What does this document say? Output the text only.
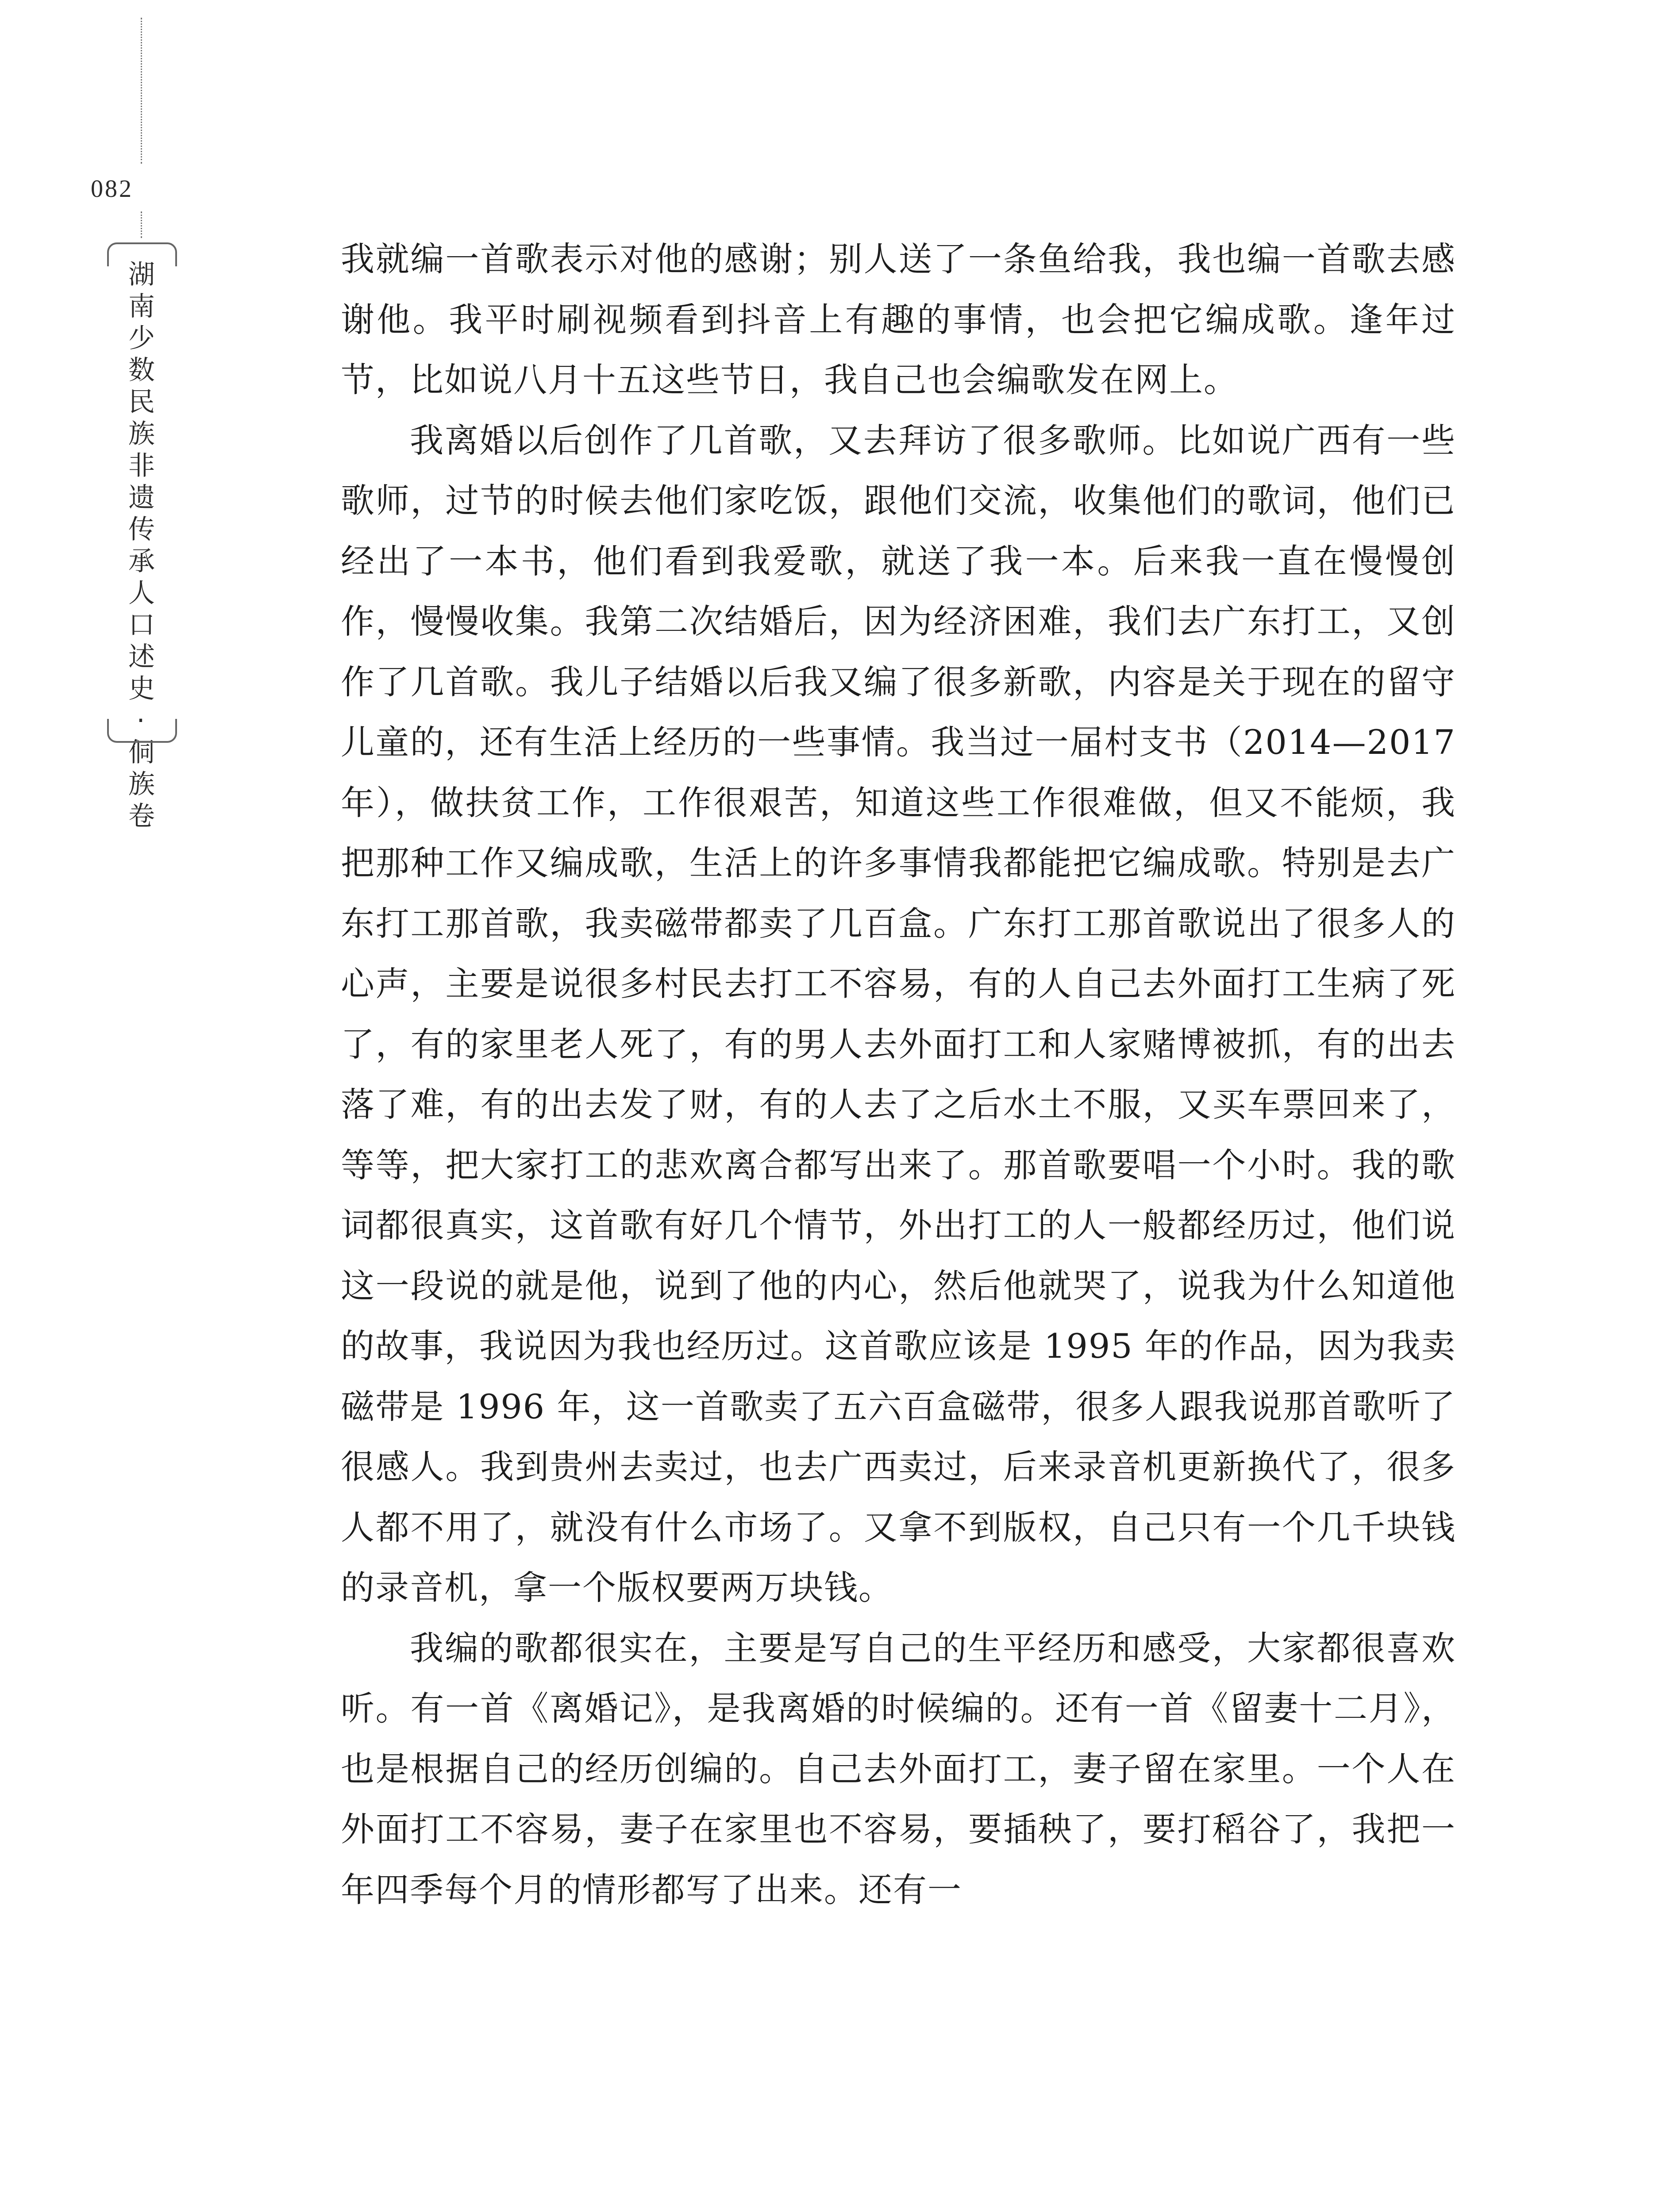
082
湖南少数民族非遗传承人口述史·侗族卷

我就编一首歌表示对他的感谢；别人送了一条鱼给我，我也编一首歌去感谢他。我平时刷视频看到抖音上有趣的事情，也会把它编成歌。逢年过节，比如说八月十五这些节日，我自己也会编歌发在网上。

我离婚以后创作了几首歌，又去拜访了很多歌师。比如说广西有一些歌师，过节的时候去他们家吃饭，跟他们交流，收集他们的歌词，他们已经出了一本书，他们看到我爱歌，就送了我一本。后来我一直在慢慢创作，慢慢收集。我第二次结婚后，因为经济困难，我们去广东打工，又创作了几首歌。我儿子结婚以后我又编了很多新歌，内容是关于现在的留守儿童的，还有生活上经历的一些事情。我当过一届村支书（2014—2017 年），做扶贫工作，工作很艰苦，知道这些工作很难做，但又不能烦，我把那种工作又编成歌，生活上的许多事情我都能把它编成歌。特别是去广东打工那首歌，我卖磁带都卖了几百盒。广东打工那首歌说出了很多人的心声，主要是说很多村民去打工不容易，有的人自己去外面打工生病了死了，有的家里老人死了，有的男人去外面打工和人家赌博被抓，有的出去落了难，有的出去发了财，有的人去了之后水土不服，又买车票回来了，等等，把大家打工的悲欢离合都写出来了。那首歌要唱一个小时。我的歌词都很真实，这首歌有好几个情节，外出打工的人一般都经历过，他们说这一段说的就是他，说到了他的内心，然后他就哭了，说我为什么知道他的故事，我说因为我也经历过。这首歌应该是 1995 年的作品，因为我卖磁带是 1996 年，这一首歌卖了五六百盒磁带，很多人跟我说那首歌听了很感人。我到贵州去卖过，也去广西卖过，后来录音机更新换代了，很多人都不用了，就没有什么市场了。又拿不到版权，自己只有一个几千块钱的录音机，拿一个版权要两万块钱。

我编的歌都很实在，主要是写自己的生平经历和感受，大家都很喜欢听。有一首《离婚记》，是我离婚的时候编的。还有一首《留妻十二月》，也是根据自己的经历创编的。自己去外面打工，妻子留在家里。一个人在外面打工不容易，妻子在家里也不容易，要插秧了，要打稻谷了，我把一年四季每个月的情形都写了出来。还有一
